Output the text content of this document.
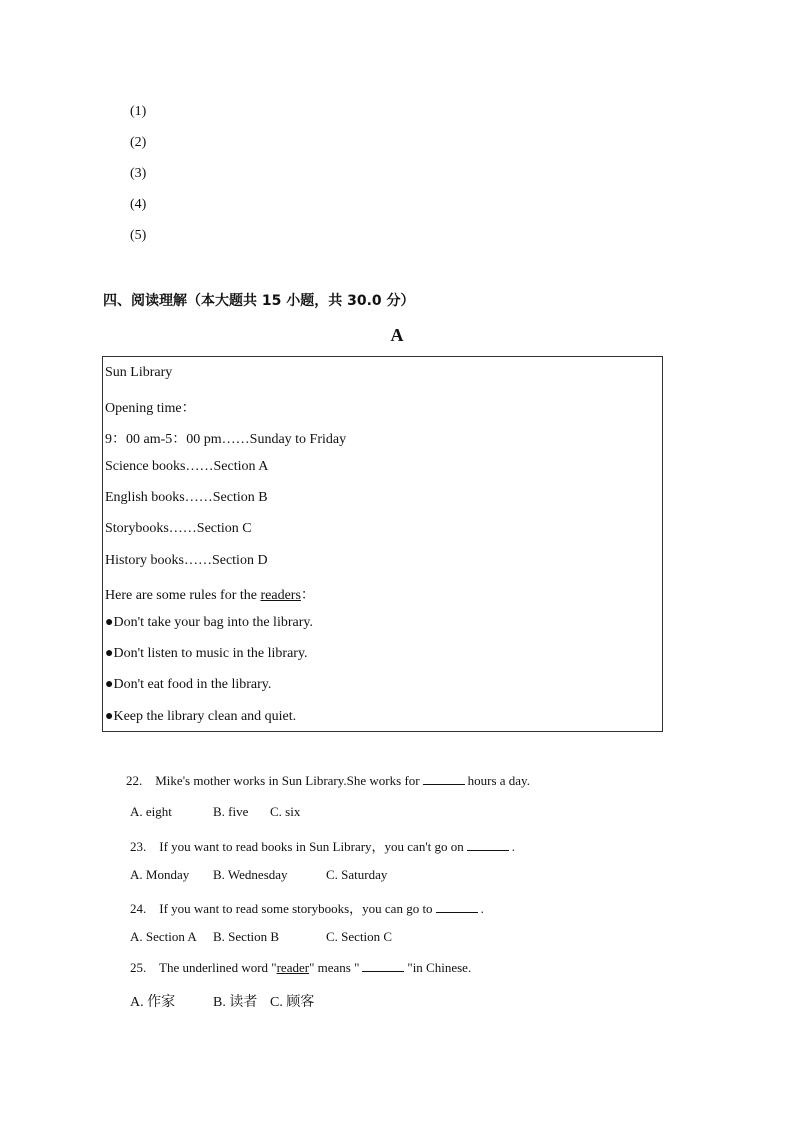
(1)
(2)
(3)
(4)
(5)
四、阅读理解（本大题共 15 小题，共 30.0 分）
A
Sun Library
Opening time：
9：00 am-5：00 pm……Sunday to Friday
Science books……Section A
English books……Section B
Storybooks……Section C
History books……Section D
Here are some rules for the readers：
●Don't take your bag into the library.
●Don't listen to music in the library.
●Don't eat food in the library.
●Keep the library clean and quiet.
22. Mike's mother works in Sun Library.She works for	hours a day.
A. eight	B. five C. six
23. If you want to read books in Sun Library，you can't go on	.
A. Monday B. Wednesday	C. Saturday
24. If you want to read some storybooks，you can go to	.
A. Section A B. Section B	C. Section C
25. The underlined word "reader" means "	"in Chinese.
A. 作家	B. 读者 C. 顾客
